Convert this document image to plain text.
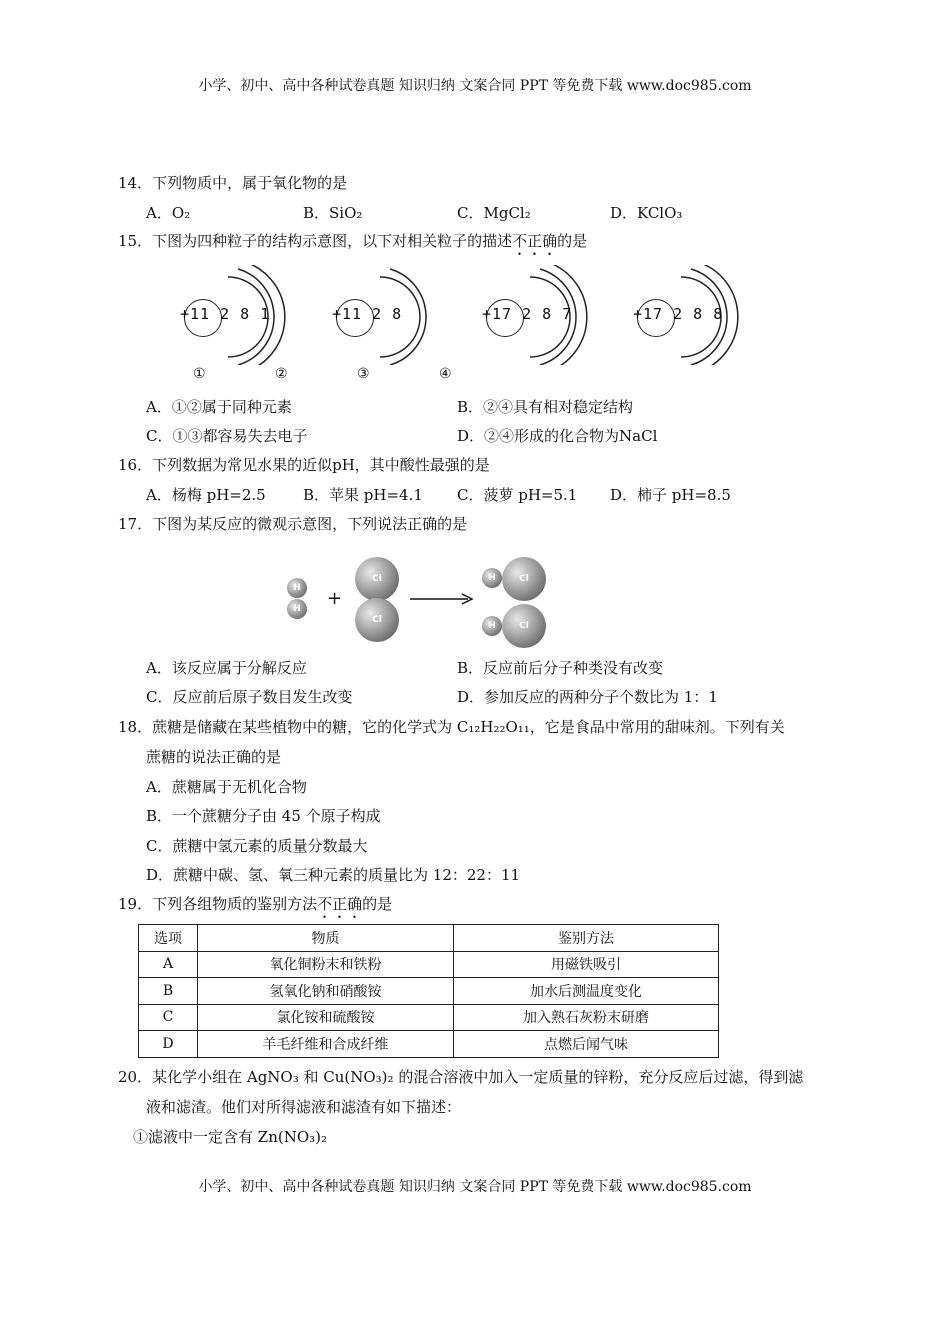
小学、初中、高中各种试卷真题 知识归纳 文案合同 PPT 等免费下载 www.doc985.com
14．下列物质中，属于氧化物的是
A．O₂	B．SiO₂	C．MgCl₂	D．KClO₃
15．下图为四种粒子的结构示意图，以下对相关粒子的描述不正确的是
+11 2 8 1	+11 2 8	+17 2 8 7	+17 2 8 8
①	②	③	④
A．①②属于同种元素	B．②④具有相对稳定结构
C．①③都容易失去电子	D．②④形成的化合物为NaCl
16．下列数据为常见水果的近似pH，其中酸性最强的是
A．杨梅 pH=2.5 B．苹果 pH=4.1 C．菠萝 pH=5.1 D．柿子 pH=8.5
17．下图为某反应的微观示意图，下列说法正确的是
H
H	+
Cl
Cl
H	Cl
H	Cl
A．该反应属于分解反应	B．反应前后分子种类没有改变
C．反应前后原子数目发生改变	D．参加反应的两种分子个数比为 1：1
18．蔗糖是储藏在某些植物中的糖，它的化学式为 C₁₂H₂₂O₁₁，它是食品中常用的甜味剂。下列有关
蔗糖的说法正确的是
A．蔗糖属于无机化合物
B．一个蔗糖分子由 45 个原子构成
C．蔗糖中氢元素的质量分数最大
D．蔗糖中碳、氢、氧三种元素的质量比为 12：22：11
19．下列各组物质的鉴别方法不正确的是
选项	物质	鉴别方法
A	氧化铜粉末和铁粉	用磁铁吸引
B	氢氧化钠和硝酸铵	加水后测温度变化
C	氯化铵和硫酸铵	加入熟石灰粉末研磨
D	羊毛纤维和合成纤维	点燃后闻气味
20．某化学小组在 AgNO₃ 和 Cu(NO₃)₂ 的混合溶液中加入一定质量的锌粉，充分反应后过滤，得到滤
液和滤渣。他们对所得滤液和滤渣有如下描述：
①滤液中一定含有 Zn(NO₃)₂
小学、初中、高中各种试卷真题 知识归纳 文案合同 PPT 等免费下载 www.doc985.com
